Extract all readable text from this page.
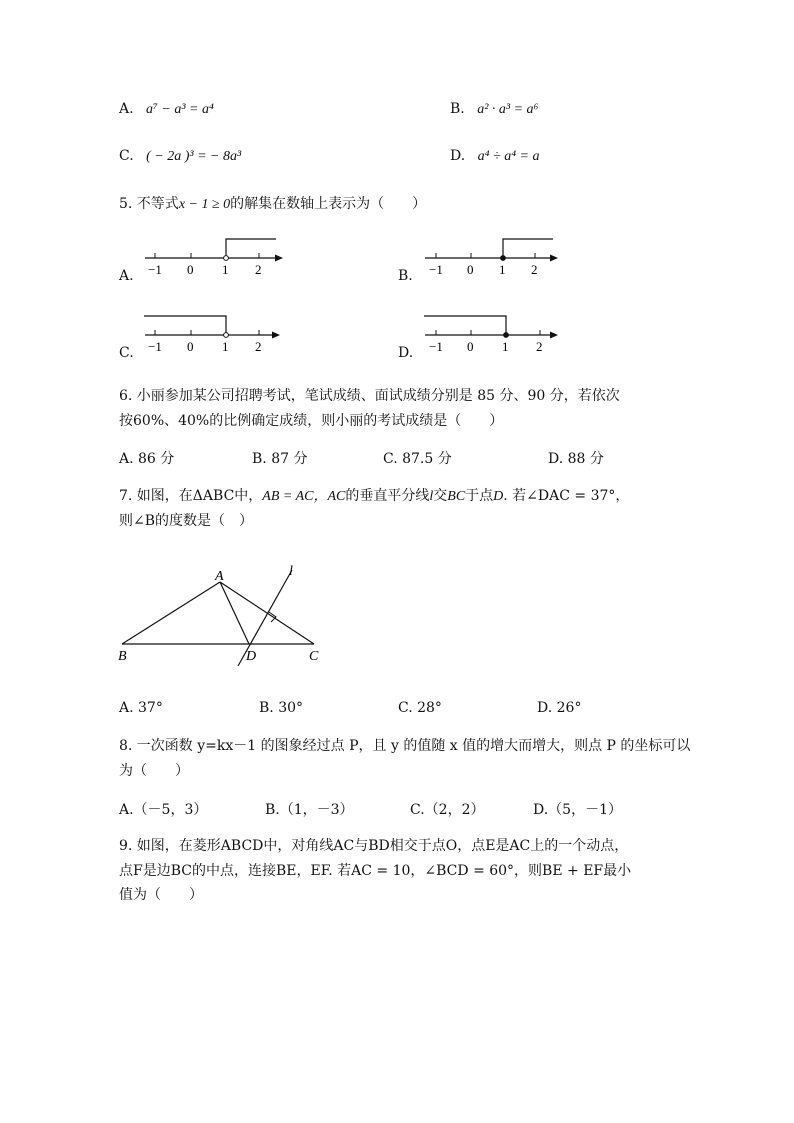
A. a⁷ − a³ = a⁴	B. a² · a³ = a⁶
C. ( − 2a )³ = − 8a³	D. a⁴ ÷ a⁴ = a
5. 不等式x − 1 ≥ 0的解集在数轴上表示为（　　）
A.	B.
C.	D.
−1 0 1 2	−1 0 1 2
−1 0 1 2	−1 0 1 2
6. 小丽参加某公司招聘考试，笔试成绩、面试成绩分别是 85 分、90 分，若依次
按60%、40%的比例确定成绩，则小丽的考试成绩是（　　）
A. 86 分	B. 87 分	C. 87.5 分	D. 88 分
7. 如图，在ΔABC中，AB = AC，AC的垂直平分线l交BC于点D. 若∠DAC = 37°，
则∠B的度数是（　）
A
B	C
D
l
A. 37°	B. 30°	C. 28°	D. 26°
8. 一次函数 y=kx－1 的图象经过点 P，且 y 的值随 x 值的增大而增大，则点 P 的坐标可以
为（　　）
A.（－5，3）	B.（1，－3）	C.（2，2）	D.（5，－1）
9. 如图，在菱形ABCD中，对角线AC与BD相交于点O，点E是AC上的一个动点，
点F是边BC的中点，连接BE，EF. 若AC = 10，∠BCD = 60°，则BE + EF最小
值为（　　）
